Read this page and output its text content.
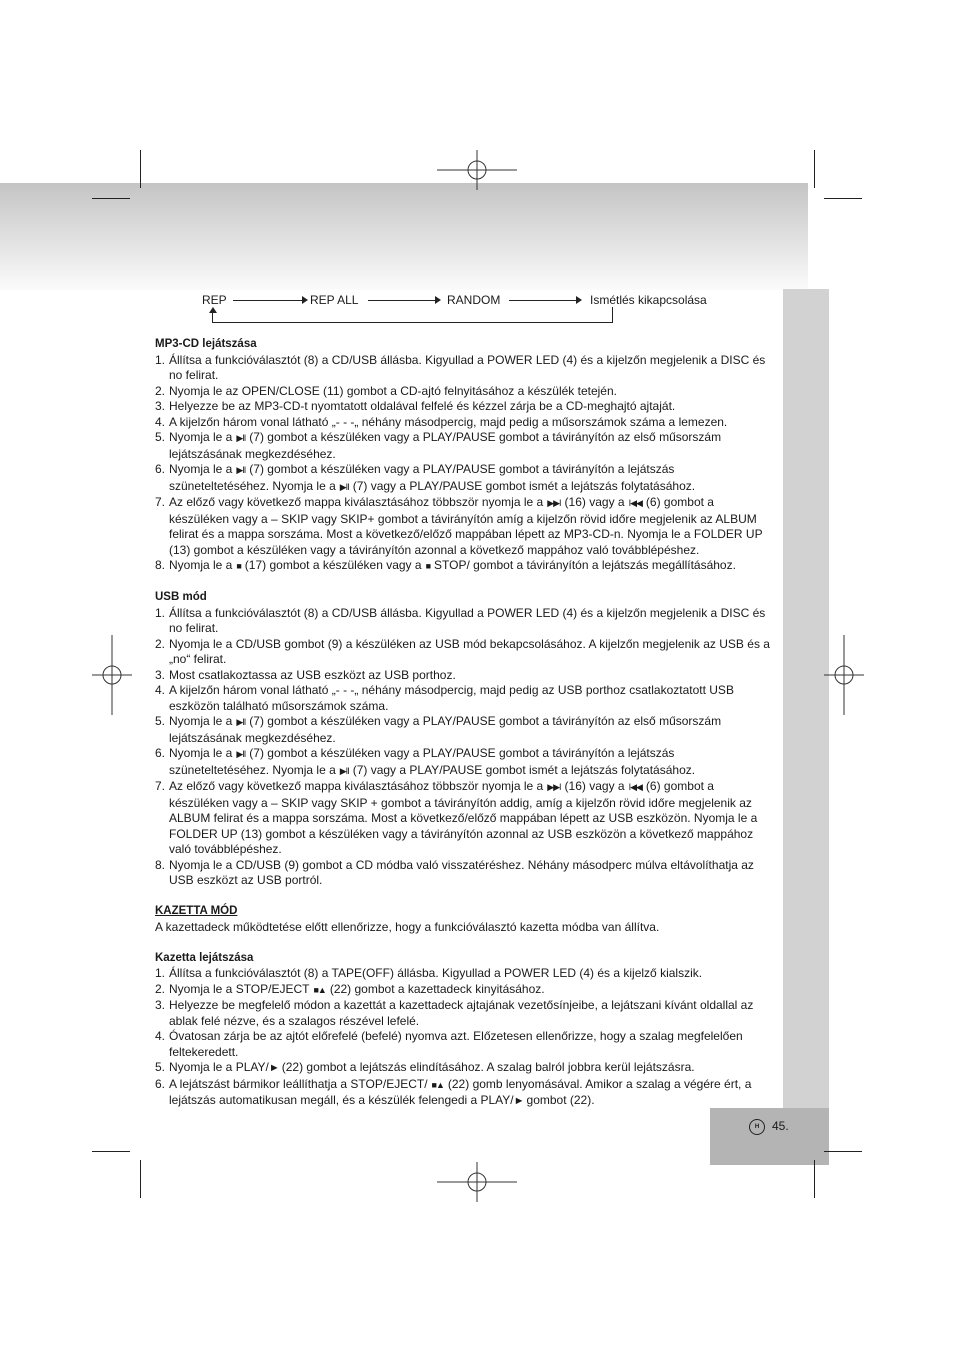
H	45.
REP	REP ALL	RANDOM	Ismétlés kikapcsolása
MP3-CD lejátszása
1. Állítsa a funkcióválasztót (8) a CD/USB állásba. Kigyullad a POWER LED (4) és a kijelzőn megjelenik a DISC és no felirat.
2. Nyomja le az OPEN/CLOSE (11) gombot a CD-ajtó felnyitásához a készülék tetején.
3. Helyezze be az MP3-CD-t nyomtatott oldalával felfelé és kézzel zárja be a CD-meghajtó ajtaját.
4. A kijelzőn három vonal látható „- - -„ néhány másodpercig, majd pedig a műsorszámok száma a lemezen.
5. Nyomja le a ▶II (7) gombot a készüléken vagy a PLAY/PAUSE gombot a távirányítón az első műsorszám lejátszásának megkezdéséhez.
6. Nyomja le a ▶II (7) gombot a készüléken vagy a PLAY/PAUSE gombot a távirányítón a lejátszás szüneteltetéséhez. Nyomja le a ▶II (7) vagy a PLAY/PAUSE gombot ismét a lejátszás folytatásához.
7. Az előző vagy következő mappa kiválasztásához többször nyomja le a ▶▶I (16) vagy a I◀◀ (6) gombot a készüléken vagy a – SKIP vagy SKIP+ gombot a távirányítón amíg a kijelzőn rövid időre megjelenik az ALBUM felirat és a mappa sorszáma. Most a következő/előző mappában lépett az MP3-CD-n. Nyomja le a FOLDER UP (13) gombot a készüléken vagy a távirányítón azonnal a következő mappához való továbblépéshez.
8. Nyomja le a ■ (17) gombot a készüléken vagy a ■ STOP/ gombot a távirányítón a lejátszás megállításához.
USB mód
1. Állítsa a funkcióválasztót (8) a CD/USB állásba. Kigyullad a POWER LED (4) és a kijelzőn megjelenik a DISC és no felirat.
2. Nyomja le a CD/USB gombot (9) a készüléken az USB mód bekapcsolásához. A kijelzőn megjelenik az USB és a „no“ felirat.
3. Most csatlakoztassa az USB eszközt az USB porthoz.
4. A kijelzőn három vonal látható „- - -„ néhány másodpercig, majd pedig az USB porthoz csatlakoztatott USB eszközön található műsorszámok száma.
5. Nyomja le a ▶II (7) gombot a készüléken vagy a PLAY/PAUSE gombot a távirányítón az első műsorszám lejátszásának megkezdéséhez.
6. Nyomja le a ▶II (7) gombot a készüléken vagy a PLAY/PAUSE gombot a távirányítón a lejátszás szüneteltetéséhez. Nyomja le a ▶II (7) vagy a PLAY/PAUSE gombot ismét a lejátszás folytatásához.
7. Az előző vagy következő mappa kiválasztásához többször nyomja le a ▶▶I (16) vagy a I◀◀ (6) gombot a készüléken vagy a – SKIP vagy SKIP + gombot a távirányítón addig, amíg a kijelzőn rövid időre megjelenik az ALBUM felirat és a mappa sorszáma. Most a következő/előző mappában lépett az USB eszközön. Nyomja le a FOLDER UP (13) gombot a készüléken vagy a távirányítón azonnal az USB eszközön a következő mappához való továbblépéshez.
8. Nyomja le a CD/USB (9) gombot a CD módba való visszatéréshez. Néhány másodperc múlva eltávolíthatja az USB eszközt az USB portról.
KAZETTA MÓD

A kazettadeck működtetése előtt ellenőrizze, hogy a funkcióválasztó kazetta módba van állítva.

Kazetta lejátszása
1. Állítsa a funkcióválasztót (8) a TAPE(OFF) állásba. Kigyullad a POWER LED (4) és a kijelző kialszik.
2. Nyomja le a STOP/EJECT ■▲ (22) gombot a kazettadeck kinyitásához.
3. Helyezze be megfelelő módon a kazettát a kazettadeck ajtajának vezetősínjeibe, a lejátszani kívánt oldallal az ablak felé nézve, és a szalagos részével lefelé.
4. Óvatosan zárja be az ajtót előrefelé (befelé) nyomva azt. Előzetesen ellenőrizze, hogy a szalag megfelelően feltekeredett.
5. Nyomja le a PLAY/► (22) gombot a lejátszás elindításához. A szalag balról jobbra kerül lejátszásra.
6. A lejátszást bármikor leállíthatja a STOP/EJECT/ ■▲ (22) gomb lenyomásával. Amikor a szalag a végére ért, a lejátszás automatikusan megáll, és a készülék felengedi a PLAY/► gombot (22).
